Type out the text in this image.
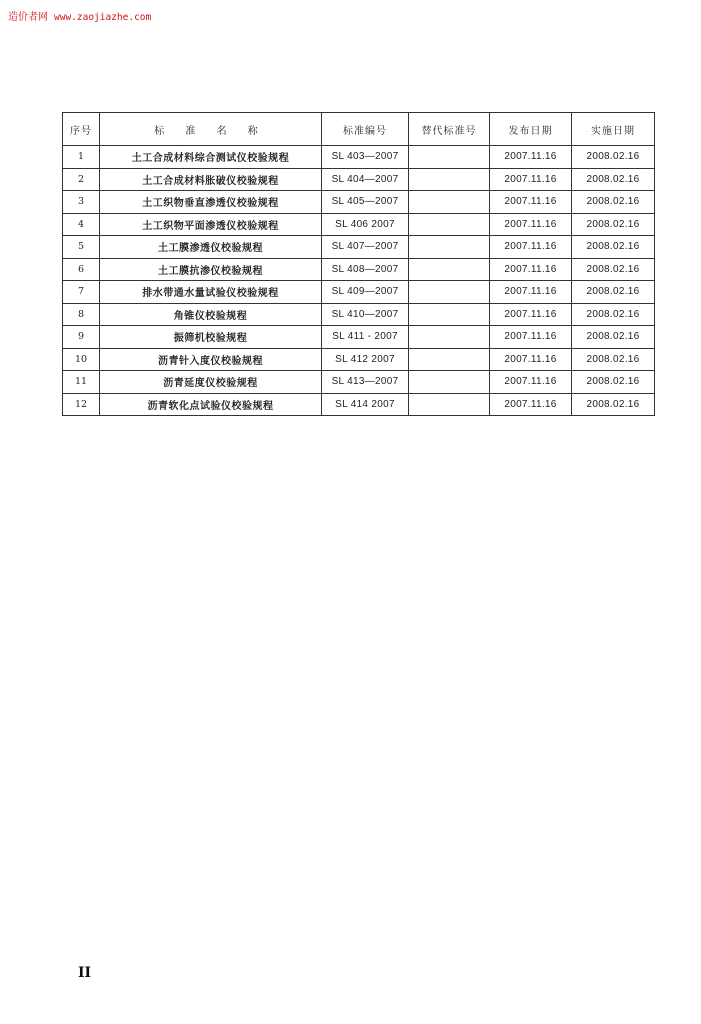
造价者网 www.zaojiazhe.com
序号	标 准 名 称	标准编号	替代标准号	发布日期	实施日期
1	土工合成材料综合测试仪校验规程	SL 403—2007		2007.11.16	2008.02.16
2	土工合成材料胀破仪校验规程	SL 404—2007		2007.11.16	2008.02.16
3	土工织物垂直渗透仪校验规程	SL 405—2007		2007.11.16	2008.02.16
4	土工织物平面渗透仪校验规程	SL 406 2007		2007.11.16	2008.02.16
5	土工膜渗透仪校验规程	SL 407—2007		2007.11.16	2008.02.16
6	土工膜抗渗仪校验规程	SL 408—2007		2007.11.16	2008.02.16
7	排水带通水量试验仪校验规程	SL 409—2007		2007.11.16	2008.02.16
8	角锥仪校验规程	SL 410—2007		2007.11.16	2008.02.16
9	振筛机校验规程	SL 411 - 2007		2007.11.16	2008.02.16
10	沥青针入度仪校验规程	SL 412 2007		2007.11.16	2008.02.16
11	沥青延度仪校验规程	SL 413—2007		2007.11.16	2008.02.16
12	沥青软化点试验仪校验规程	SL 414 2007		2007.11.16	2008.02.16
II
